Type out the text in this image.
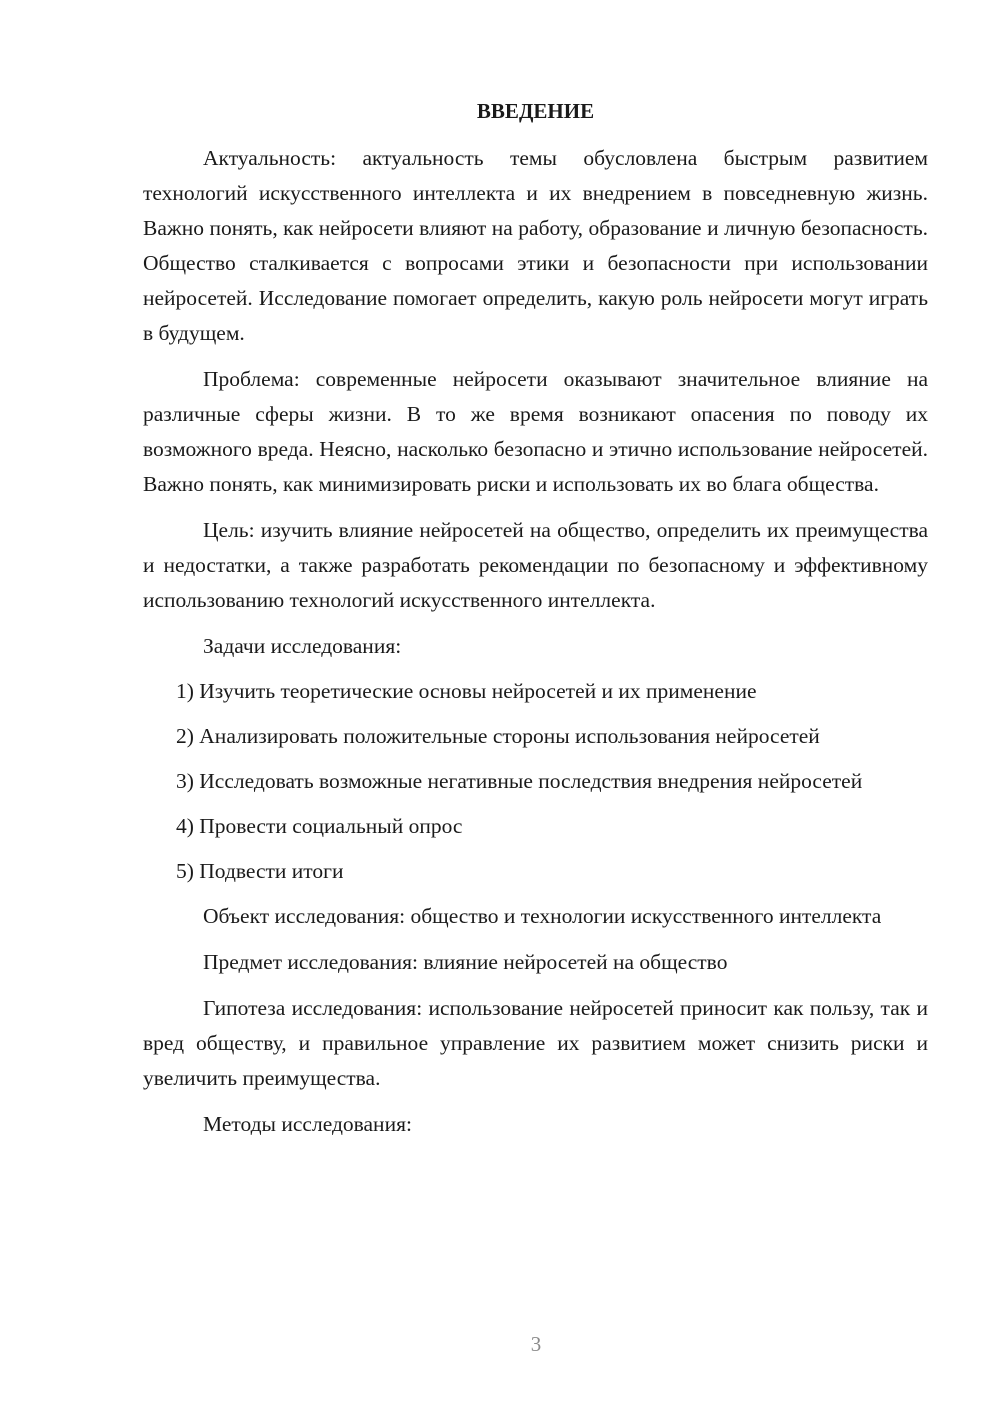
ВВЕДЕНИЕ

Актуальность: актуальность темы обусловлена быстрым развитием технологий искусственного интеллекта и их внедрением в повседневную жизнь. Важно понять, как нейросети влияют на работу, образование и личную безопасность. Общество сталкивается с вопросами этики и безопасности при использовании нейросетей. Исследование помогает определить, какую роль нейросети могут играть в будущем.

Проблема: современные нейросети оказывают значительное влияние на различные сферы жизни. В то же время возникают опасения по поводу их возможного вреда. Неясно, насколько безопасно и этично использование нейросетей. Важно понять, как минимизировать риски и использовать их во блага общества.

Цель: изучить влияние нейросетей на общество, определить их преимущества и недостатки, а также разработать рекомендации по безопасному и эффективному использованию технологий искусственного интеллекта.

Задачи исследования:

1) Изучить теоретические основы нейросетей и их применение

2) Анализировать положительные стороны использования нейросетей

3) Исследовать возможные негативные последствия внедрения нейросетей

4) Провести социальный опрос

5) Подвести итоги

Объект исследования: общество и технологии искусственного интеллекта

Предмет исследования: влияние нейросетей на общество

Гипотеза исследования: использование нейросетей приносит как пользу, так и вред обществу, и правильное управление их развитием может снизить риски и увеличить преимущества.

Методы исследования:

3
